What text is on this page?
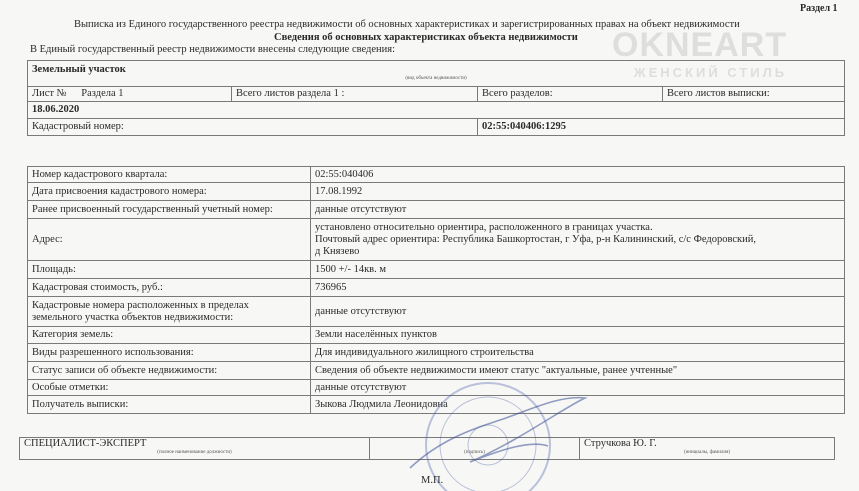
OKNEART
ЖЕНСКИЙ СТИЛЬ
Раздел 1
Выписка из Единого государственного реестра недвижимости об основных характеристиках и зарегистрированных правах на объект недвижимости
Сведения об основных характеристиках объекта недвижимости
В Единый государственный реестр недвижимости внесены следующие сведения:
Земельный участок
(вид объекта недвижимости)			

Лист № Раздела 1	Всего листов раздела 1 :	Всего разделов:	Всего листов выписки:
18.06.2020			
Кадастровый номер:		02:55:040406:1295	
Номер кадастрового квартала:	02:55:040406
Дата присвоения кадастрового номера:	17.08.1992
Ранее присвоенный государственный учетный номер:	данные отсутствуют
Адрес:	установлено относительно ориентира, расположенного в границах участка.
Почтовый адрес ориентира: Республика Башкортостан, г Уфа, р-н Калининский, с/с Федоровский,
д Князево

Площадь:	1500 +/- 14кв. м
Кадастровая стоимость, руб.:	736965

Кадастровые номера расположенных в пределах
земельного участка объектов недвижимости:	данные отсутствуют
Категория земель:	Земли населённых пунктов
Виды разрешенного использования:	Для индивидуального жилищного строительства
Статус записи об объекте недвижимости:	Сведения об объекте недвижимости имеют статус "актуальные, ранее учтенные"
Особые отметки:	данные отсутствуют
Получатель выписки:	Зыкова Людмила Леонидовна
СПЕЦИАЛИСТ-ЭКСПЕРТ
(полное наименование должности)	(подпись)

Стручкова Ю. Г.
(инициалы, фамилия)
М.П.
